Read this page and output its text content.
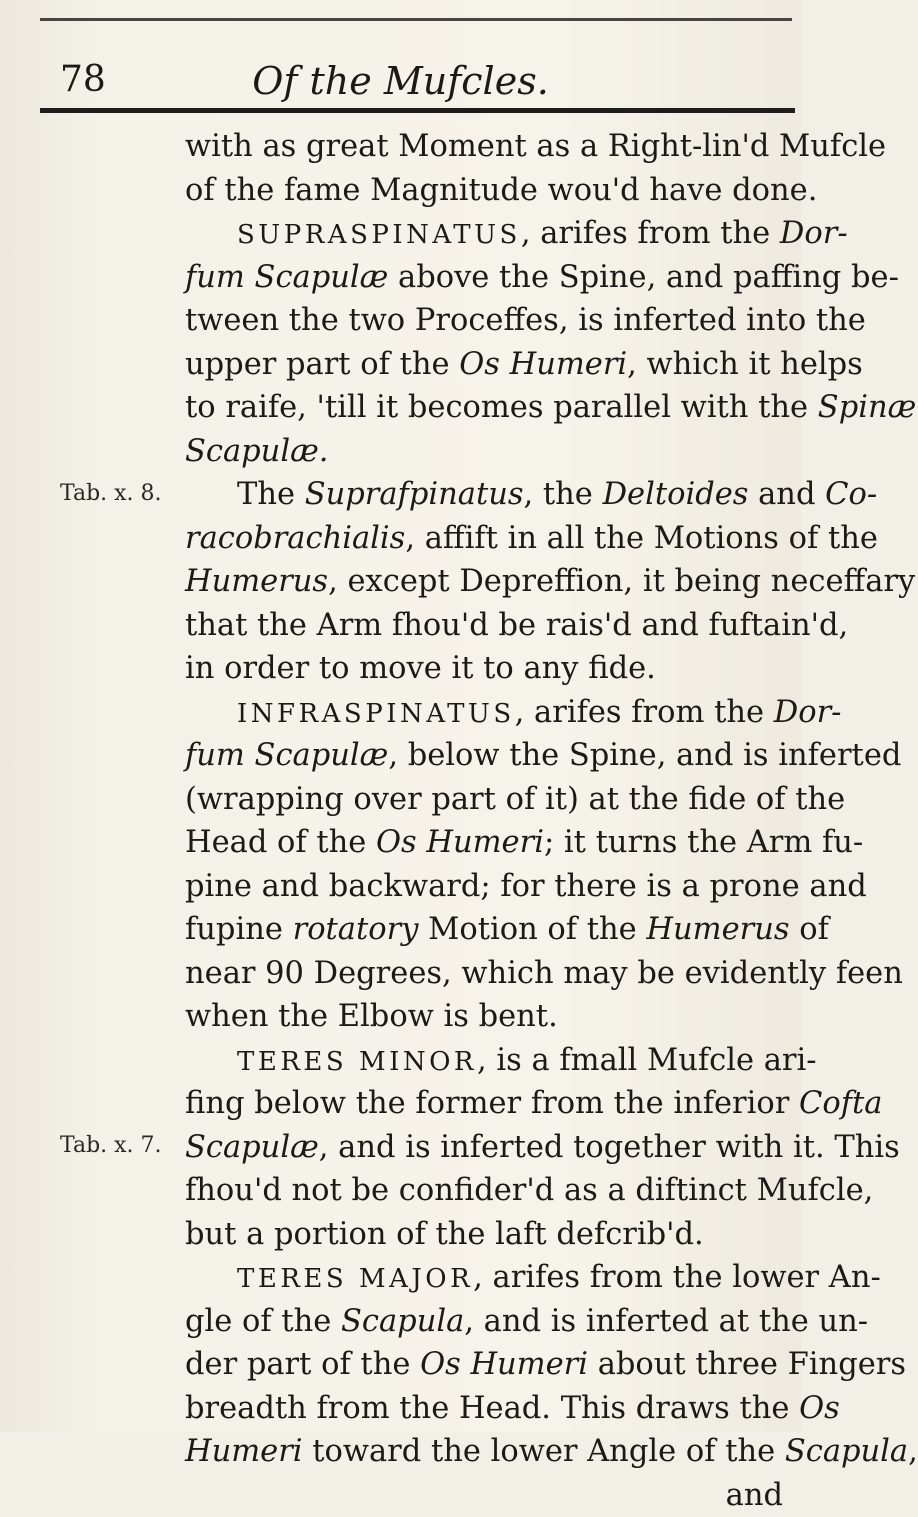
78	Of the Mufcles.
Tab. x. 8.
Tab. x. 7.
with as great Moment as a Right-lin'd Mufcle
of the fame Magnitude wou'd have done.
SUPRASPINATUS, arifes from the Dor-
fum Scapulæ above the Spine, and paffing be-
tween the two Proceffes, is inferted into the
upper part of the Os Humeri, which it helps
to raife, 'till it becomes parallel with the Spinæ
Scapulæ.
The Suprafpinatus, the Deltoides and Co-
racobrachialis, affift in all the Motions of the
Humerus, except Depreffion, it being neceffary
that the Arm fhou'd be rais'd and fuftain'd,
in order to move it to any fide.
INFRASPINATUS, arifes from the Dor-
fum Scapulæ, below the Spine, and is inferted
(wrapping over part of it) at the fide of the
Head of the Os Humeri; it turns the Arm fu-
pine and backward; for there is a prone and
fupine rotatory Motion of the Humerus of
near 90 Degrees, which may be evidently feen
when the Elbow is bent.
TERES MINOR, is a fmall Mufcle ari-
fing below the former from the inferior Cofta
Scapulæ, and is inferted together with it. This
fhou'd not be confider'd as a diftinct Mufcle,
but a portion of the laft defcrib'd.
TERES MAJOR, arifes from the lower An-
gle of the Scapula, and is inferted at the un-
der part of the Os Humeri about three Fingers
breadth from the Head. This draws the Os
Humeri toward the lower Angle of the Scapula,
and
